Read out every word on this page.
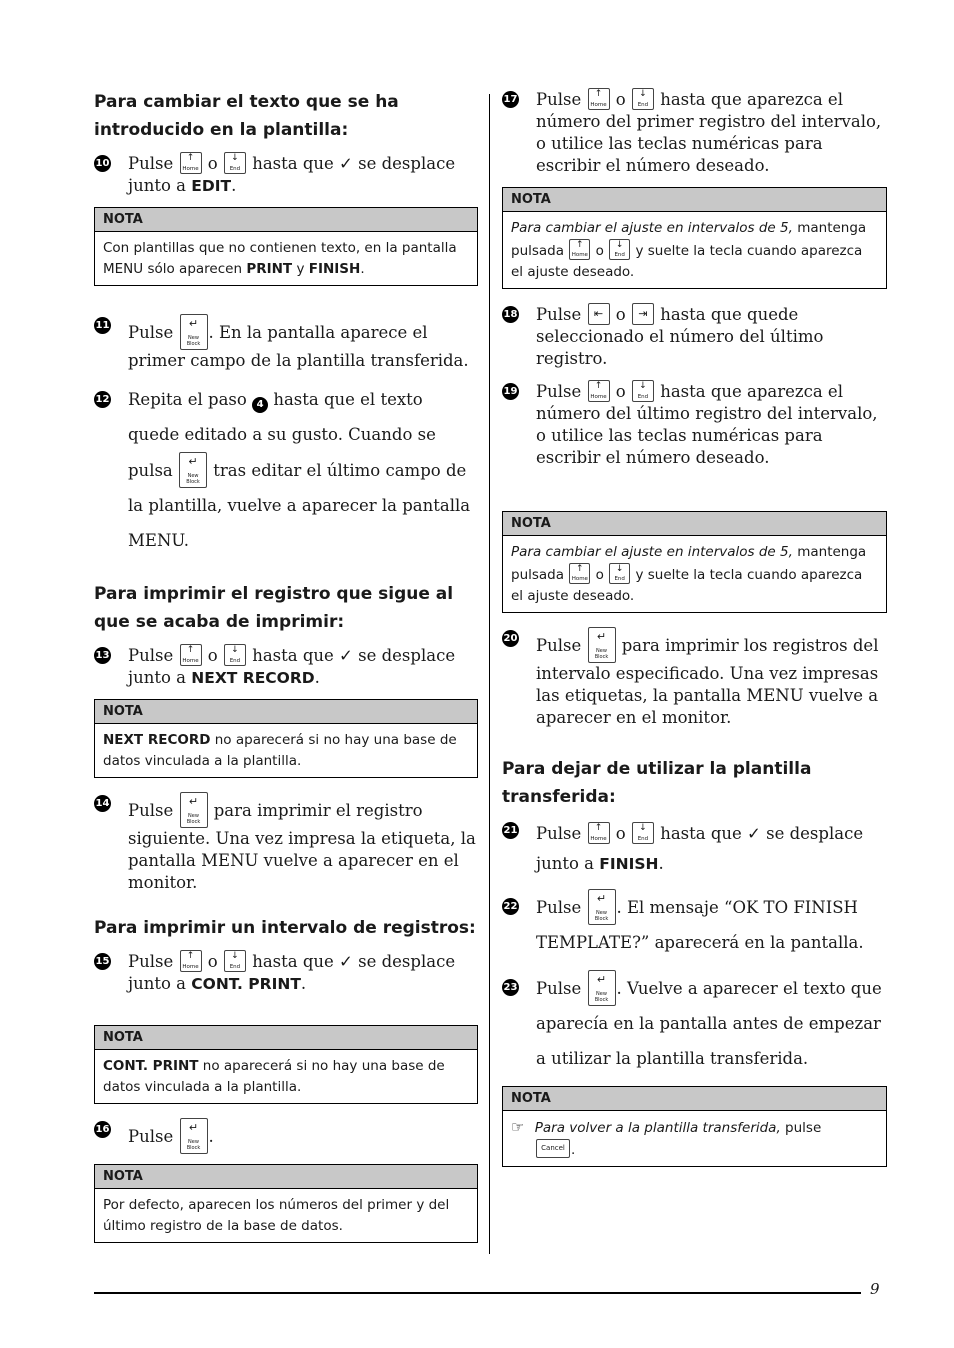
Para cambiar el texto que se ha introducido en la plantilla:
10 Pulse	↑
Home o	↓
End hasta que ✓ se desplace junto a EDIT.
NOTA
Con plantillas que no contienen texto, en la pantalla MENU sólo aparecen PRINT y FINISH.
11 Pulse	↵
New Block
. En la pantalla aparece el primer campo de la plantilla transferida.
12 Repita el paso 4 hasta que el texto quede editado a su gusto. Cuando se pulsa	↵
New Block
tras editar el último campo de la plantilla, vuelve a aparecer la pantalla MENU.
Para imprimir el registro que sigue al que se acaba de imprimir:
13 Pulse	↑
Home o	↓
End hasta que ✓ se desplace junto a NEXT RECORD.
NOTA
NEXT RECORD no aparecerá si no hay una base de datos vinculada a la plantilla.
14 Pulse	↵
New Block
para imprimir el registro siguiente. Una vez impresa la etiqueta, la pantalla MENU vuelve a aparecer en el monitor.
Para imprimir un intervalo de registros:
15 Pulse	↑
Home o	↓
End hasta que ✓ se desplace junto a CONT. PRINT.
NOTA
CONT. PRINT no aparecerá si no hay una base de datos vinculada a la plantilla.
16 Pulse	↵
New Block
.
NOTA
Por defecto, aparecen los números del primer y del último registro de la base de datos.
17 Pulse	↑
Home o	↓
End hasta que aparezca el número del primer registro del intervalo, o utilice las teclas numéricas para escribir el número deseado.
NOTA
Para cambiar el ajuste en intervalos de 5, mantenga pulsada	↑
Home o	↓
End y suelte la tecla cuando aparezca el ajuste deseado.
18 Pulse	⇤ o	⇥ hasta que quede seleccionado el número del último registro.
19 Pulse	↑
Home o	↓
End hasta que aparezca el número del último registro del intervalo, o utilice las teclas numéricas para escribir el número deseado.
NOTA
Para cambiar el ajuste en intervalos de 5, mantenga pulsada	↑
Home o	↓
End y suelte la tecla cuando aparezca el ajuste deseado.
20 Pulse	↵
New Block
para imprimir los registros del intervalo especificado. Una vez impresas las etiquetas, la pantalla MENU vuelve a aparecer en el monitor.
Para dejar de utilizar la plantilla transferida:
21 Pulse	↑
Home o	↓
End hasta que ✓ se desplace junto a FINISH.
22 Pulse	↵
New Block
. El mensaje “OK TO FINISH TEMPLATE?” aparecerá en la pantalla.
23 Pulse	↵
New Block
. Vuelve a aparecer el texto que aparecía en la pantalla antes de empezar a utilizar la plantilla transferida.
NOTA
☞ Para volver a la plantilla transferida, pulse

Cancel .
9
